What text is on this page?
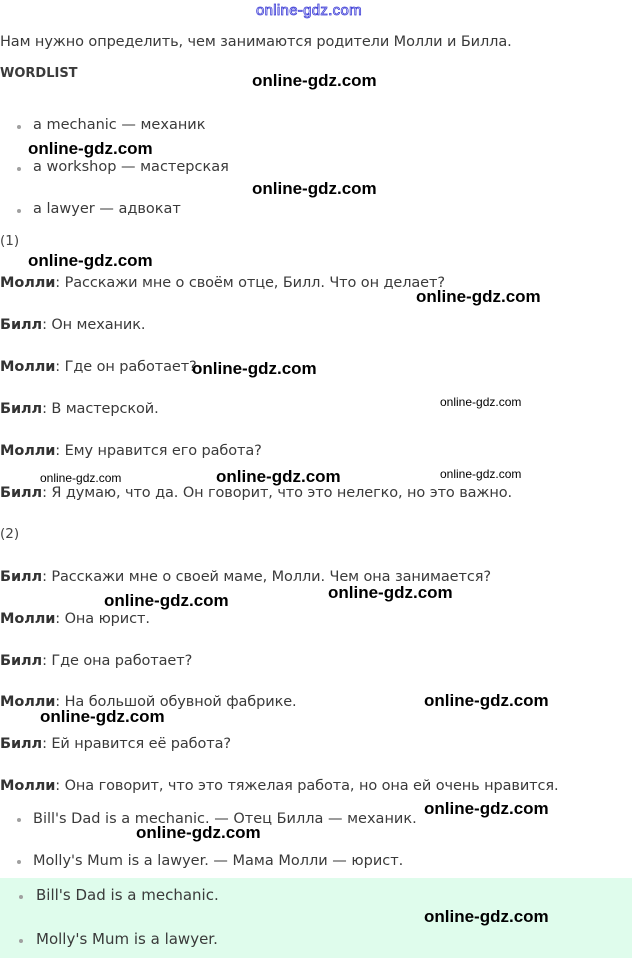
online-gdz.com
Нам нужно определить, чем занимаются родители Молли и Билла.
WORDLIST
a mechanic — механик
a workshop — мастерская
a lawyer — адвокат
(1)
Молли: Расскажи мне о своём отце, Билл. Что он делает?
Билл: Он механик.
Молли: Где он работает?
Билл: В мастерской.
Молли: Ему нравится его работа?
Билл: Я думаю, что да. Он говорит, что это нелегко, но это важно.
(2)
Билл: Расскажи мне о своей маме, Молли. Чем она занимается?
Молли: Она юрист.
Билл: Где она работает?
Молли: На большой обувной фабрике.
Билл: Ей нравится её работа?
Молли: Она говорит, что это тяжелая работа, но она ей очень нравится.
Bill's Dad is a mechanic. — Отец Билла — механик.
Molly's Mum is a lawyer. — Мама Молли — юрист.
Bill's Dad is a mechanic.
Molly's Mum is a lawyer.
online-gdz.com
online-gdz.com
online-gdz.com
online-gdz.com
online-gdz.com
online-gdz.com
online-gdz.com
online-gdz.com
online-gdz.com	online-gdz.com
online-gdz.com
online-gdz.com
online-gdz.com
online-gdz.com
online-gdz.com
online-gdz.com
online-gdz.com
